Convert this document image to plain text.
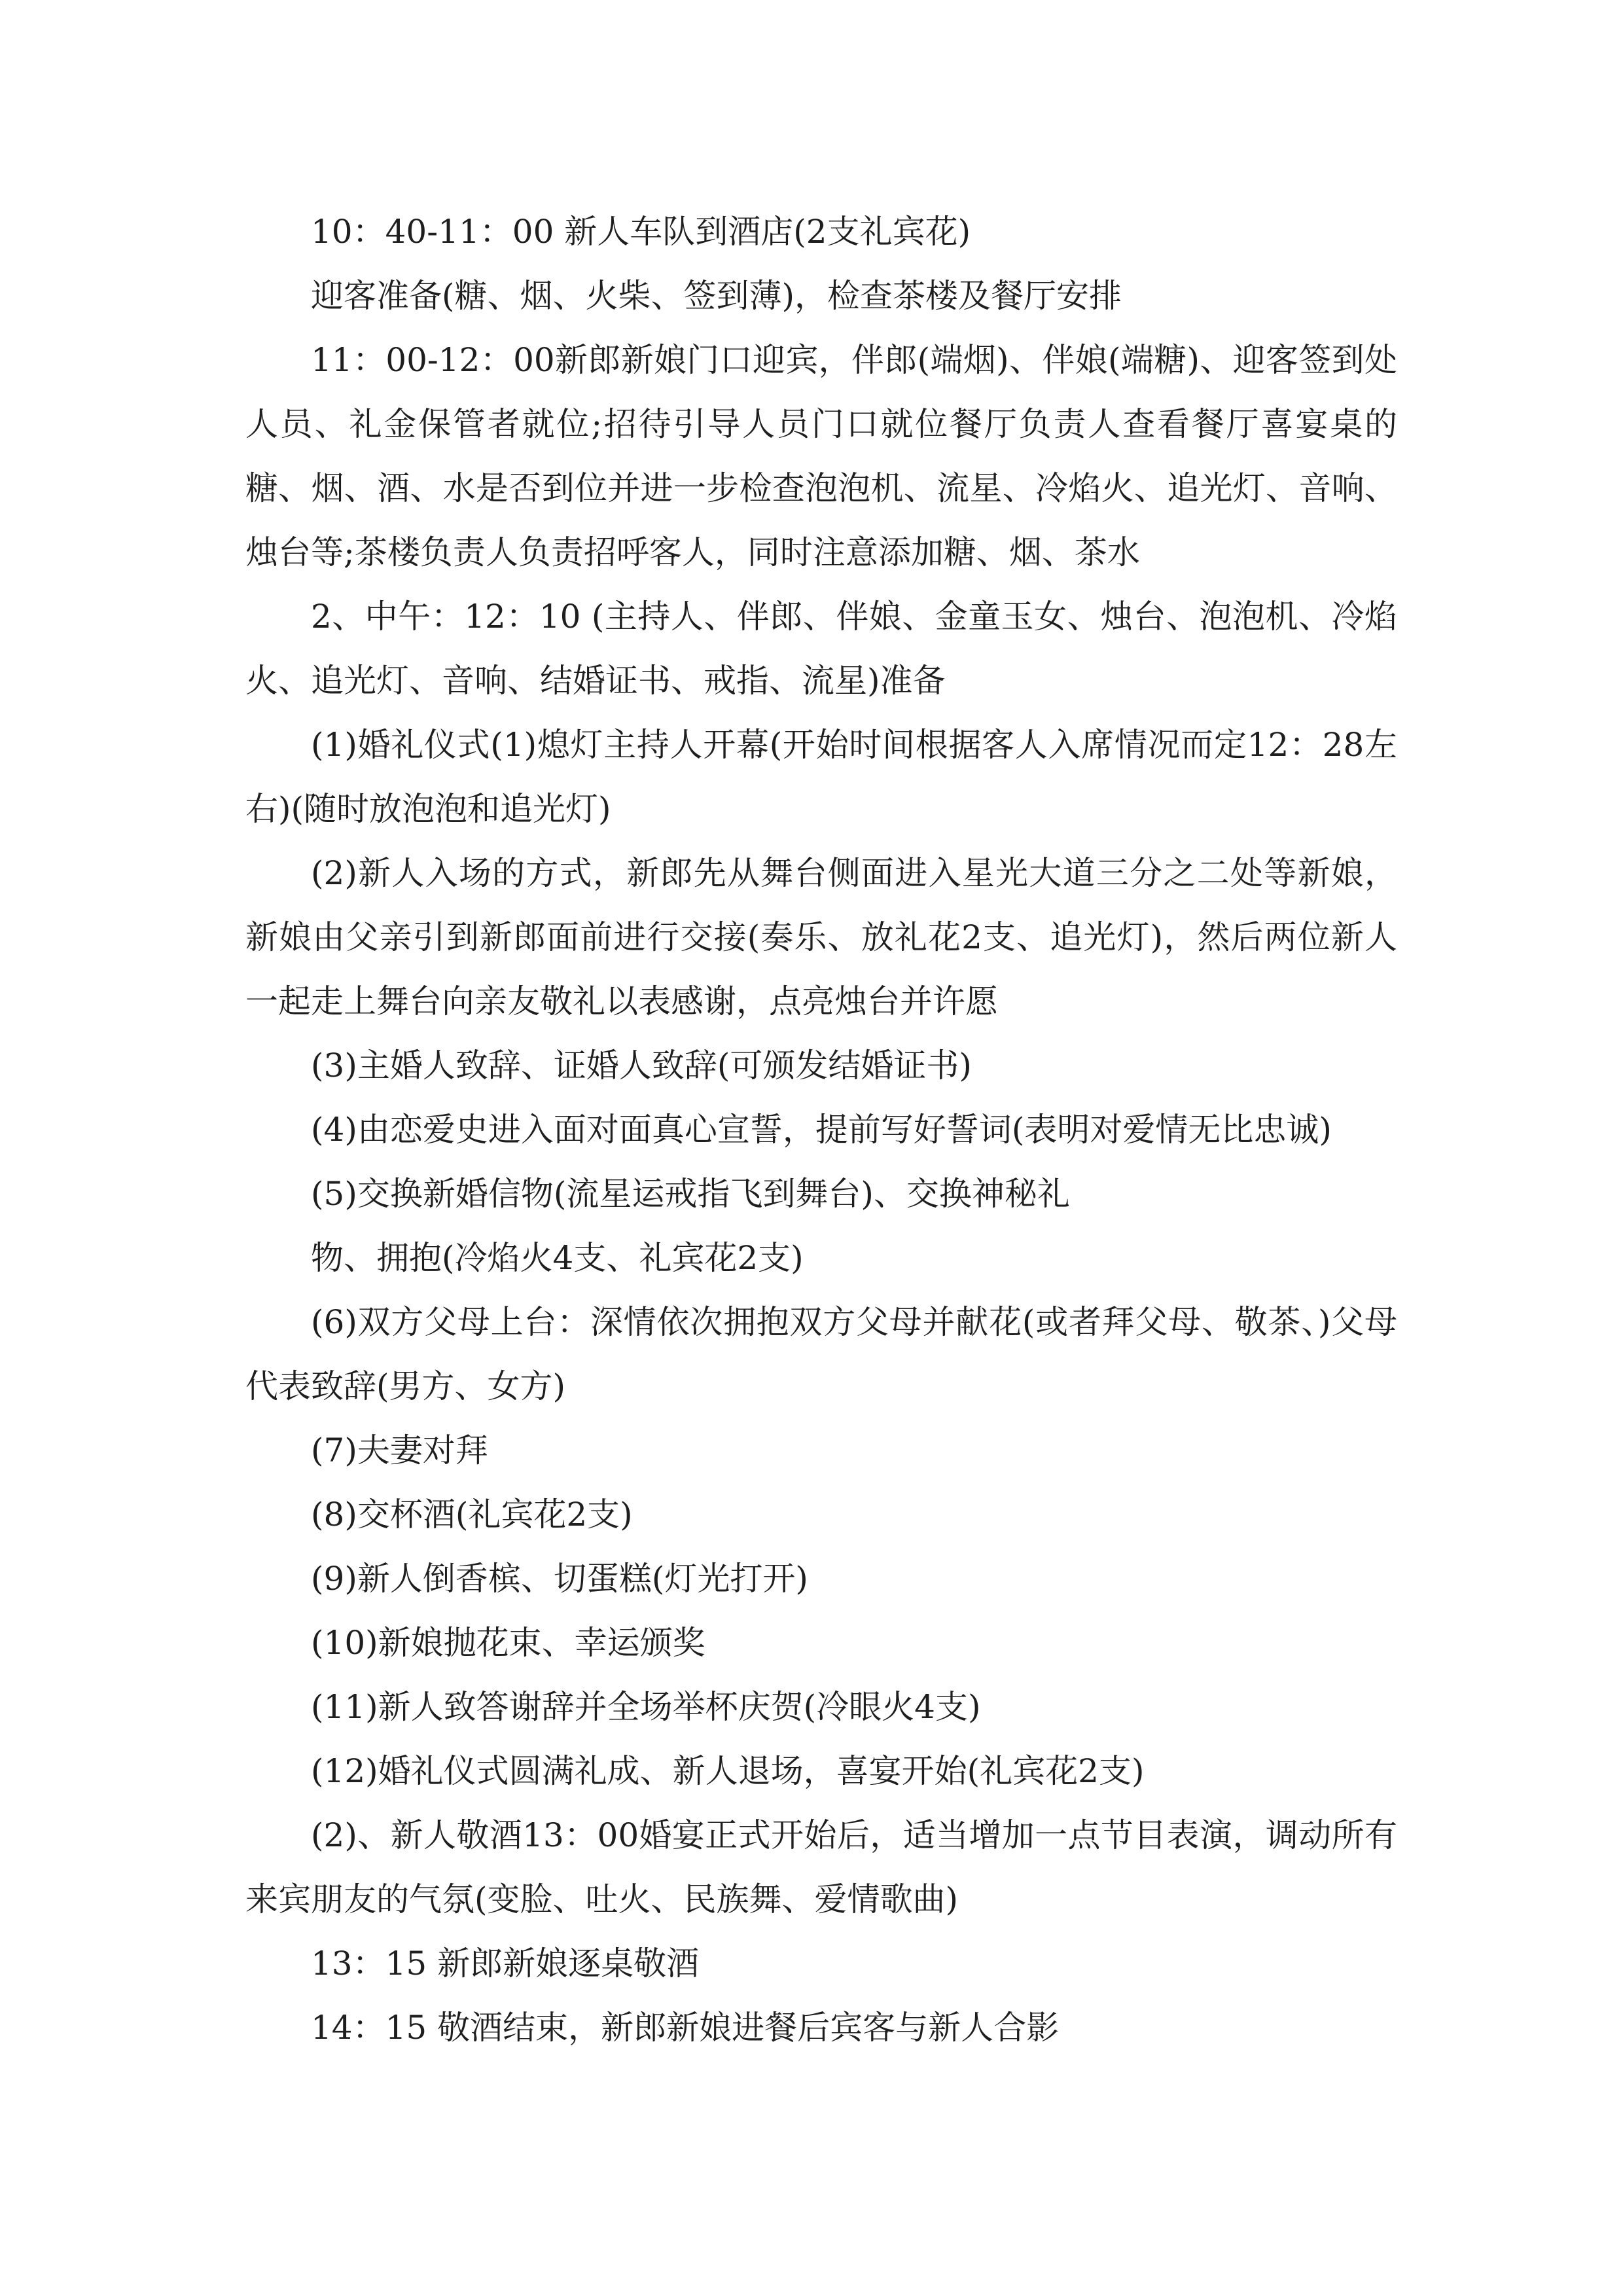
10：40-11：00 新人车队到酒店(2支礼宾花)

迎客准备(糖、烟、火柴、签到薄)，检查茶楼及餐厅安排

11：00-12：00新郎新娘门口迎宾，伴郎(端烟)、伴娘(端糖)、迎客签到处人员、礼金保管者就位;招待引导人员门口就位餐厅负责人查看餐厅喜宴桌的糖、烟、酒、水是否到位并进一步检查泡泡机、流星、冷焰火、追光灯、音响、烛台等;茶楼负责人负责招呼客人，同时注意添加糖、烟、茶水

2、中午：12：10 (主持人、伴郎、伴娘、金童玉女、烛台、泡泡机、冷焰火、追光灯、音响、结婚证书、戒指、流星)准备

(1)婚礼仪式(1)熄灯主持人开幕(开始时间根据客人入席情况而定12：28左右)(随时放泡泡和追光灯)

(2)新人入场的方式，新郎先从舞台侧面进入星光大道三分之二处等新娘，新娘由父亲引到新郎面前进行交接(奏乐、放礼花2支、追光灯)，然后两位新人一起走上舞台向亲友敬礼以表感谢，点亮烛台并许愿

(3)主婚人致辞、证婚人致辞(可颁发结婚证书)

(4)由恋爱史进入面对面真心宣誓，提前写好誓词(表明对爱情无比忠诚)

(5)交换新婚信物(流星运戒指飞到舞台)、交换神秘礼

物、拥抱(冷焰火4支、礼宾花2支)

(6)双方父母上台：深情依次拥抱双方父母并献花(或者拜父母、敬茶、)父母代表致辞(男方、女方)

(7)夫妻对拜

(8)交杯酒(礼宾花2支)

(9)新人倒香槟、切蛋糕(灯光打开)

(10)新娘抛花束、幸运颁奖

(11)新人致答谢辞并全场举杯庆贺(冷眼火4支)

(12)婚礼仪式圆满礼成、新人退场，喜宴开始(礼宾花2支)

(2)、新人敬酒13：00婚宴正式开始后，适当增加一点节目表演，调动所有来宾朋友的气氛(变脸、吐火、民族舞、爱情歌曲)

13：15 新郎新娘逐桌敬酒

14：15 敬酒结束，新郎新娘进餐后宾客与新人合影
